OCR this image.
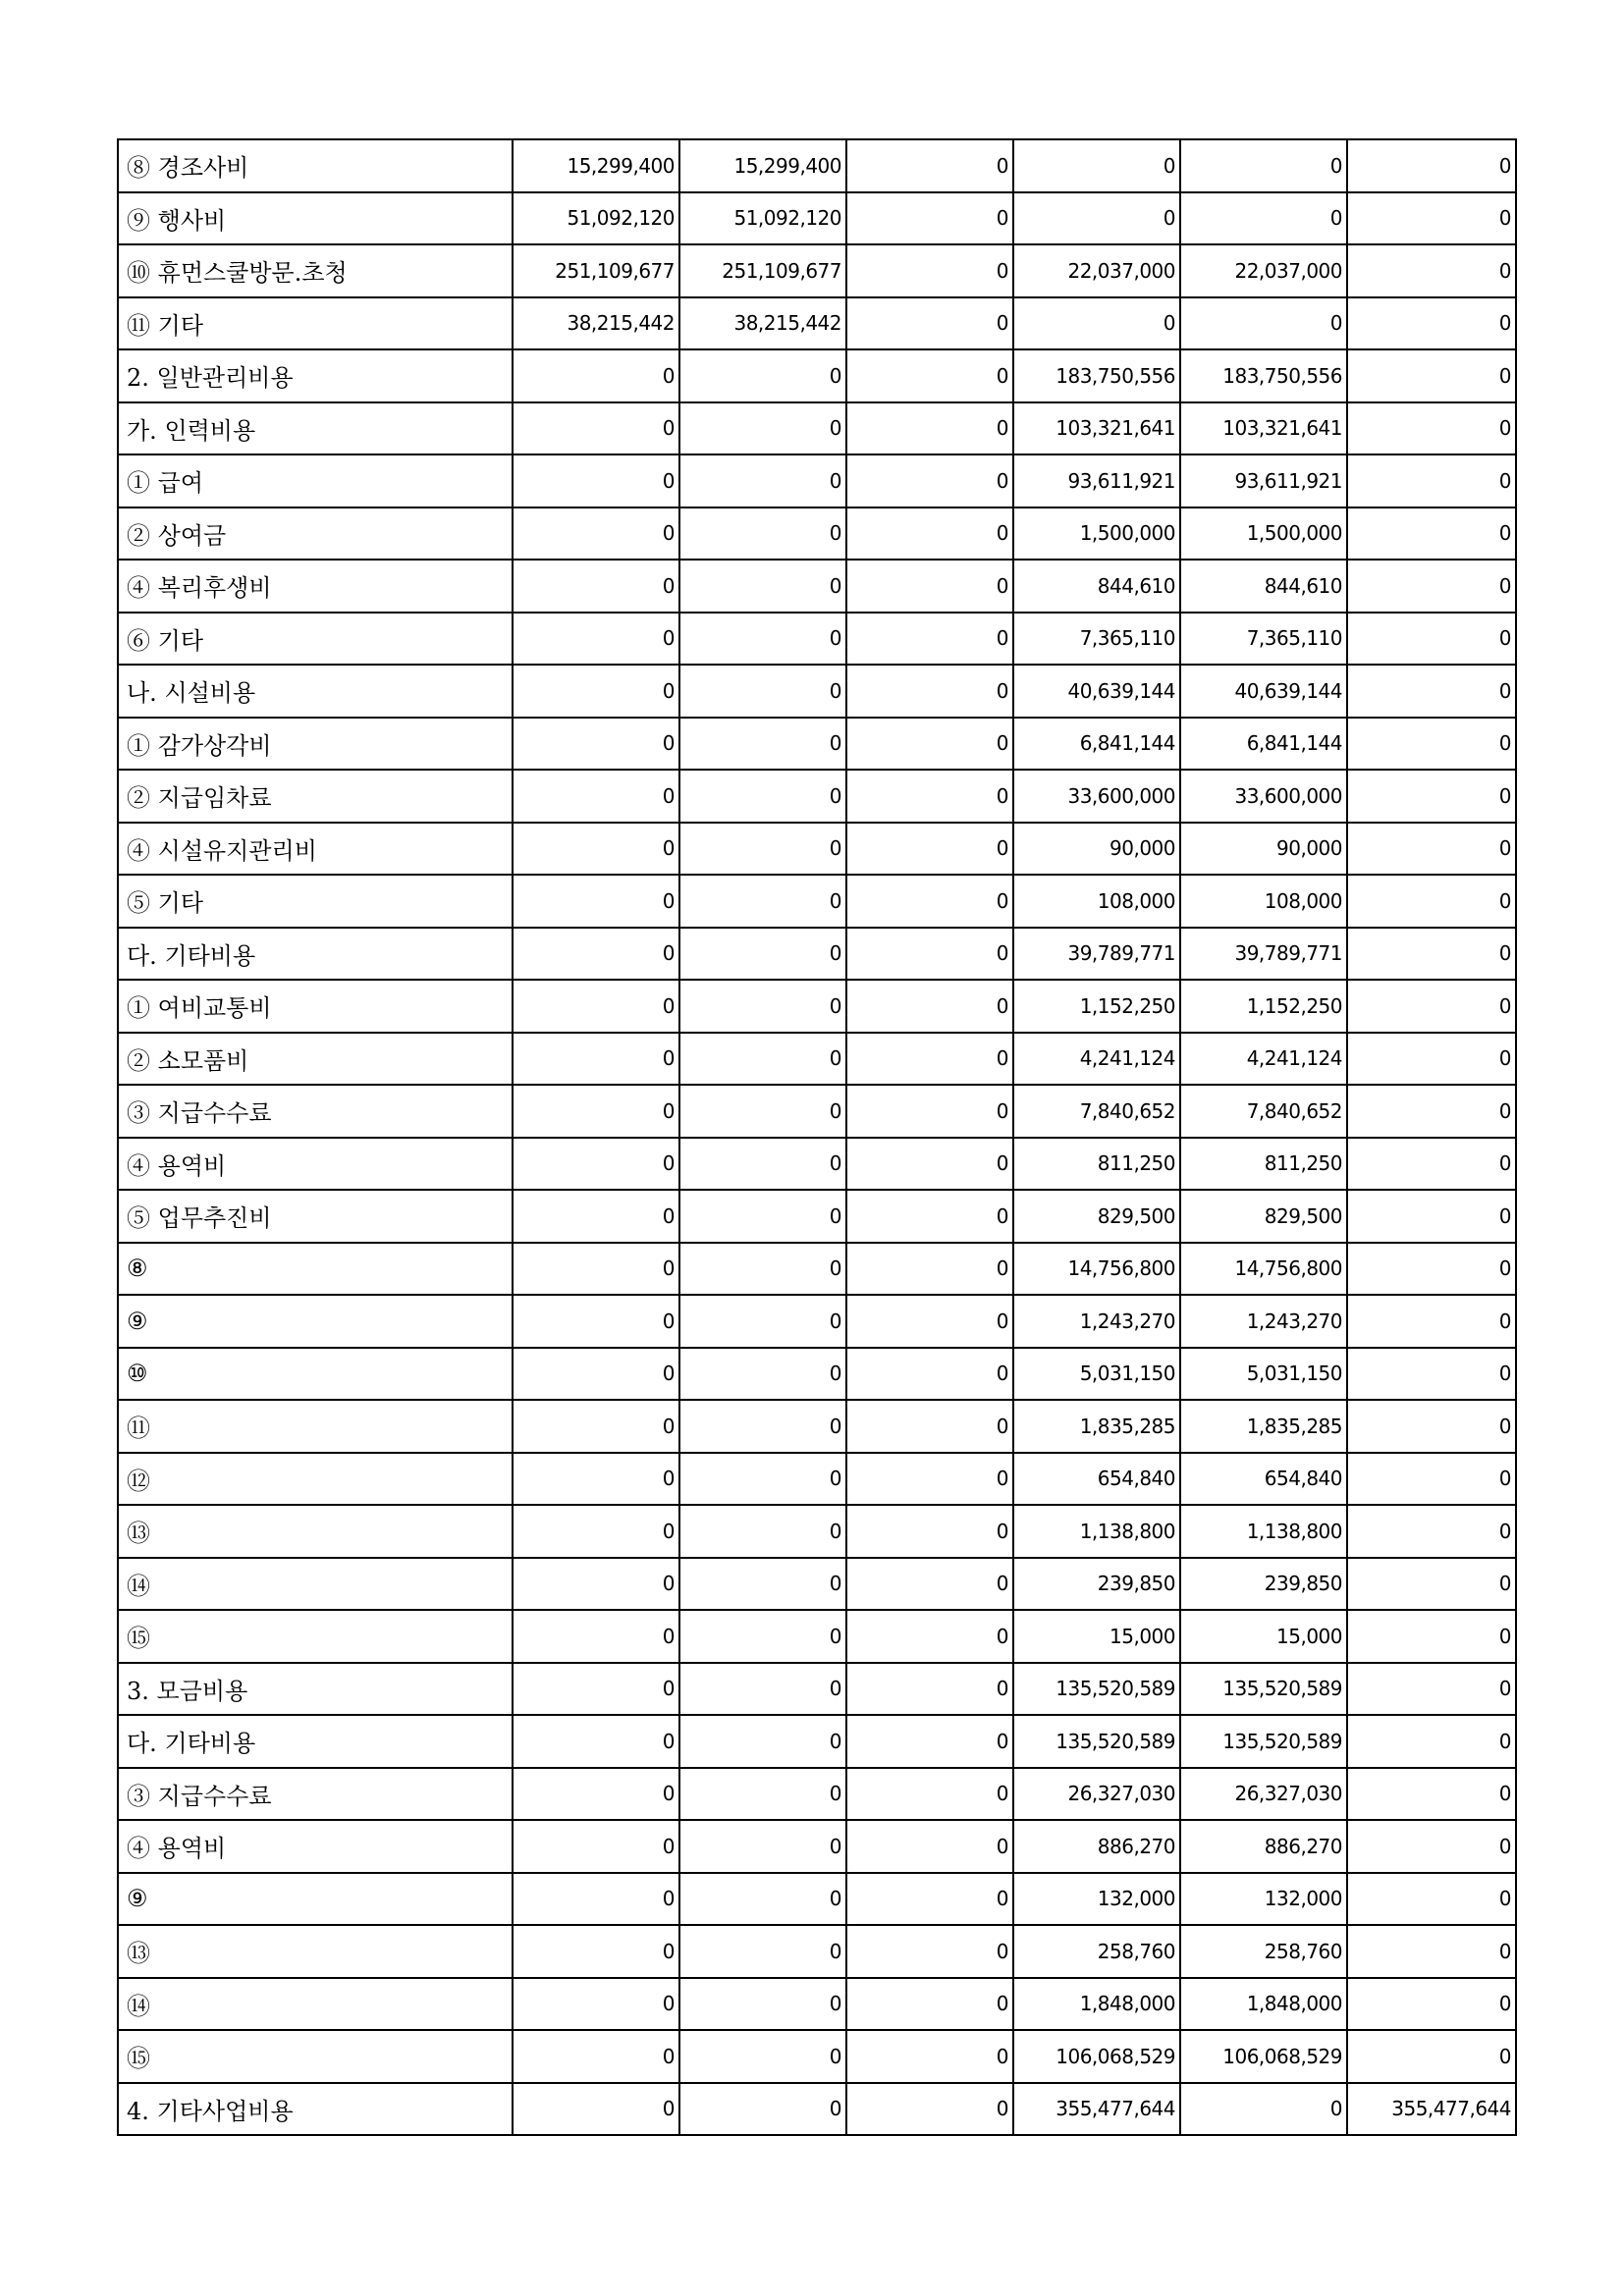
⑧ 경조사비	15,299,400	15,299,400	0	0	0	0
⑨ 행사비	51,092,120	51,092,120	0	0	0	0
⑩ 휴먼스쿨방문.초청	251,109,677	251,109,677	0	22,037,000	22,037,000	0
⑪ 기타	38,215,442	38,215,442	0	0	0	0
2. 일반관리비용	0	0	0	183,750,556	183,750,556	0
가. 인력비용	0	0	0	103,321,641	103,321,641	0
① 급여	0	0	0	93,611,921	93,611,921	0
② 상여금	0	0	0	1,500,000	1,500,000	0
④ 복리후생비	0	0	0	844,610	844,610	0
⑥ 기타	0	0	0	7,365,110	7,365,110	0
나. 시설비용	0	0	0	40,639,144	40,639,144	0
① 감가상각비	0	0	0	6,841,144	6,841,144	0
② 지급임차료	0	0	0	33,600,000	33,600,000	0
④ 시설유지관리비	0	0	0	90,000	90,000	0
⑤ 기타	0	0	0	108,000	108,000	0
다. 기타비용	0	0	0	39,789,771	39,789,771	0
① 여비교통비	0	0	0	1,152,250	1,152,250	0
② 소모품비	0	0	0	4,241,124	4,241,124	0
③ 지급수수료	0	0	0	7,840,652	7,840,652	0
④ 용역비	0	0	0	811,250	811,250	0
⑤ 업무추진비	0	0	0	829,500	829,500	0
⑧	0	0	0	14,756,800	14,756,800	0
⑨	0	0	0	1,243,270	1,243,270	0
⑩	0	0	0	5,031,150	5,031,150	0
⑪	0	0	0	1,835,285	1,835,285	0
⑫	0	0	0	654,840	654,840	0
⑬	0	0	0	1,138,800	1,138,800	0
⑭	0	0	0	239,850	239,850	0
⑮	0	0	0	15,000	15,000	0
3. 모금비용	0	0	0	135,520,589	135,520,589	0
다. 기타비용	0	0	0	135,520,589	135,520,589	0
③ 지급수수료	0	0	0	26,327,030	26,327,030	0
④ 용역비	0	0	0	886,270	886,270	0
⑨	0	0	0	132,000	132,000	0
⑬	0	0	0	258,760	258,760	0
⑭	0	0	0	1,848,000	1,848,000	0
⑮	0	0	0	106,068,529	106,068,529	0
4. 기타사업비용	0	0	0	355,477,644	0	355,477,644
